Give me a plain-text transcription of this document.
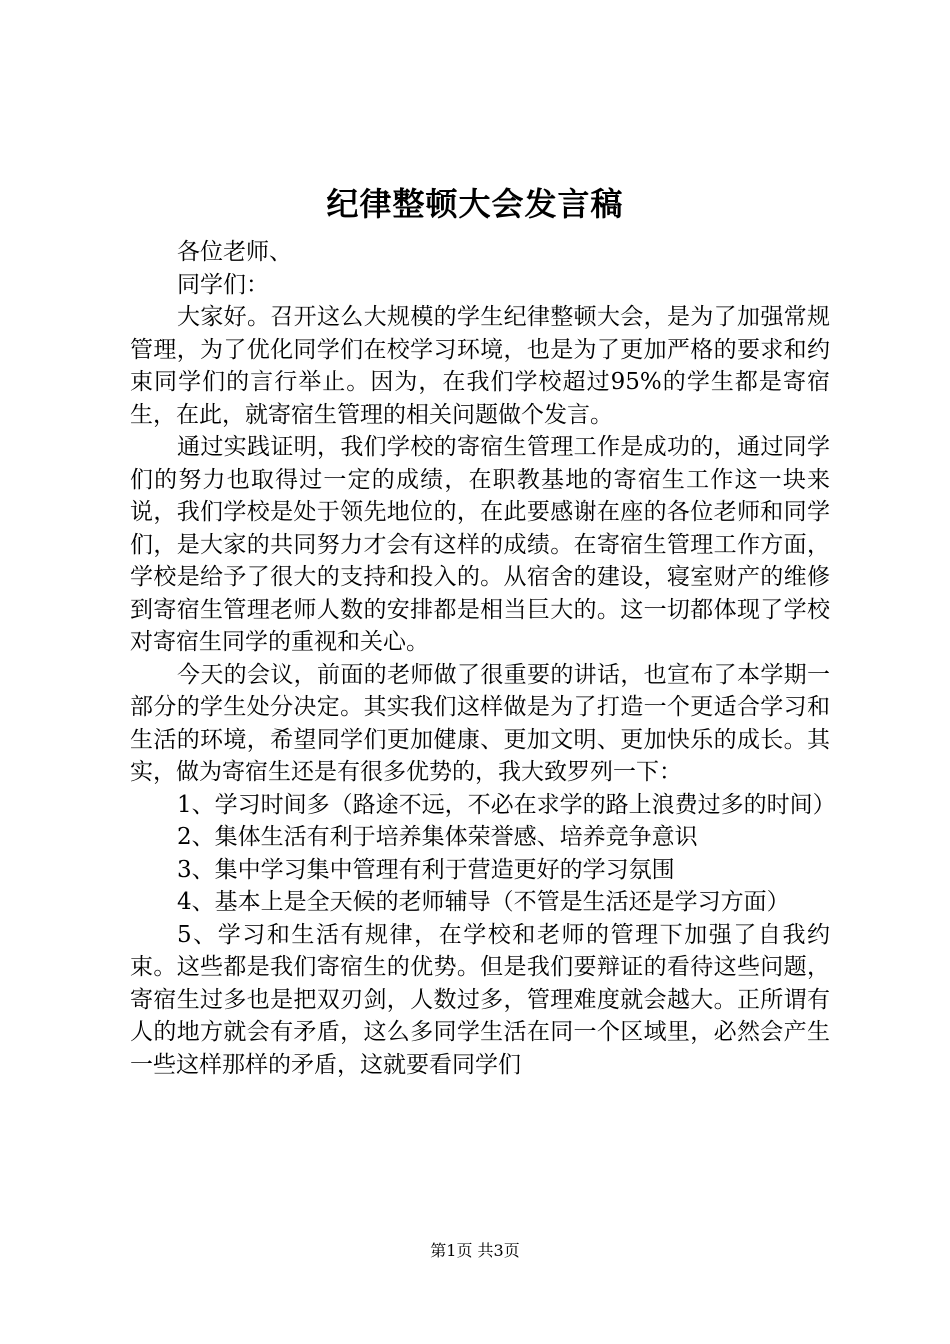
纪律整顿大会发言稿

各位老师、

同学们：

大家好。召开这么大规模的学生纪律整顿大会，是为了加强常规管理，为了优化同学们在校学习环境，也是为了更加严格的要求和约束同学们的言行举止。因为，在我们学校超过95%的学生都是寄宿生，在此，就寄宿生管理的相关问题做个发言。

通过实践证明，我们学校的寄宿生管理工作是成功的，通过同学们的努力也取得过一定的成绩，在职教基地的寄宿生工作这一块来说，我们学校是处于领先地位的，在此要感谢在座的各位老师和同学们，是大家的共同努力才会有这样的成绩。在寄宿生管理工作方面，学校是给予了很大的支持和投入的。从宿舍的建设，寝室财产的维修到寄宿生管理老师人数的安排都是相当巨大的。这一切都体现了学校对寄宿生同学的重视和关心。

今天的会议，前面的老师做了很重要的讲话，也宣布了本学期一部分的学生处分决定。其实我们这样做是为了打造一个更适合学习和生活的环境，希望同学们更加健康、更加文明、更加快乐的成长。其实，做为寄宿生还是有很多优势的，我大致罗列一下：

1、学习时间多（路途不远，不必在求学的路上浪费过多的时间）

2、集体生活有利于培养集体荣誉感、培养竞争意识

3、集中学习集中管理有利于营造更好的学习氛围

4、基本上是全天候的老师辅导（不管是生活还是学习方面）

5、学习和生活有规律，在学校和老师的管理下加强了自我约束。这些都是我们寄宿生的优势。但是我们要辩证的看待这些问题，寄宿生过多也是把双刃剑，人数过多，管理难度就会越大。正所谓有人的地方就会有矛盾，这么多同学生活在同一个区域里，必然会产生一些这样那样的矛盾，这就要看同学们

第1页 共3页
